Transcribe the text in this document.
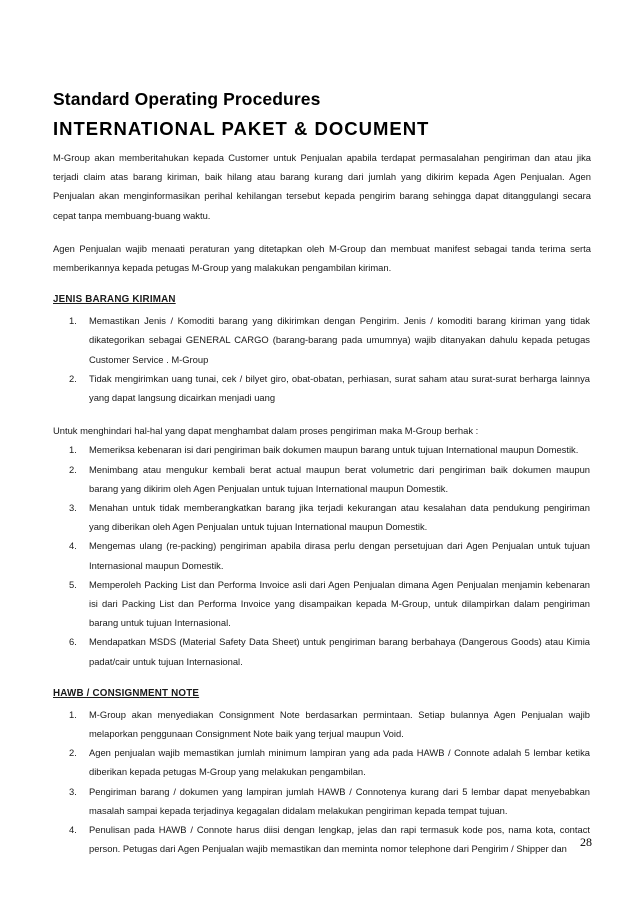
Standard Operating Procedures
INTERNATIONAL PAKET & DOCUMENT

M-Group akan memberitahukan kepada Customer untuk Penjualan apabila terdapat permasalahan pengiriman dan atau jika terjadi claim atas barang kiriman, baik hilang atau barang kurang dari jumlah yang dikirim kepada Agen Penjualan. Agen Penjualan akan menginformasikan perihal kehilangan tersebut kepada pengirim barang sehingga dapat ditanggulangi secara cepat tanpa membuang-buang waktu.

Agen Penjualan wajib menaati peraturan yang ditetapkan oleh M-Group dan membuat manifest sebagai tanda terima serta memberikannya kepada petugas M-Group yang malakukan pengambilan kiriman.

JENIS BARANG KIRIMAN
1. Memastikan Jenis / Komoditi barang yang dikirimkan dengan Pengirim. Jenis / komoditi barang kiriman yang tidak dikategorikan sebagai GENERAL CARGO (barang-barang pada umumnya) wajib ditanyakan dahulu kepada petugas Customer Service . M-Group
2. Tidak mengirimkan uang tunai, cek / bilyet giro, obat-obatan, perhiasan, surat saham atau surat-surat berharga lainnya yang dapat langsung dicairkan menjadi uang

Untuk menghindari hal-hal yang dapat menghambat dalam proses pengiriman maka M-Group berhak :

1. Memeriksa kebenaran isi dari pengiriman baik dokumen maupun barang untuk tujuan International maupun Domestik.
2. Menimbang atau mengukur kembali berat actual maupun berat volumetric dari pengiriman baik dokumen maupun barang yang dikirim oleh Agen Penjualan untuk tujuan International maupun Domestik.
3. Menahan untuk tidak memberangkatkan barang jika terjadi kekurangan atau kesalahan data pendukung pengiriman yang diberikan oleh Agen Penjualan untuk tujuan International maupun Domestik.
4. Mengemas ulang (re-packing) pengiriman apabila dirasa perlu dengan persetujuan dari Agen Penjualan untuk tujuan Internasional maupun Domestik.
5. Memperoleh Packing List dan Performa Invoice asli dari Agen Penjualan dimana Agen Penjualan menjamin kebenaran isi dari Packing List dan Performa Invoice yang disampaikan kepada M-Group, untuk dilampirkan dalam pengiriman barang untuk tujuan Internasional.
6. Mendapatkan MSDS (Material Safety Data Sheet) untuk pengiriman barang berbahaya (Dangerous Goods) atau Kimia padat/cair untuk tujuan Internasional.
HAWB / CONSIGNMENT NOTE
1. M-Group akan menyediakan Consignment Note berdasarkan permintaan. Setiap bulannya Agen Penjualan wajib melaporkan penggunaan Consignment Note baik yang terjual maupun Void.
2. Agen penjualan wajib memastikan jumlah minimum lampiran yang ada pada HAWB / Connote adalah 5 lembar ketika diberikan kepada petugas M-Group yang melakukan pengambilan.
3. Pengiriman barang / dokumen yang lampiran jumlah HAWB / Connotenya kurang dari 5 lembar dapat menyebabkan masalah sampai kepada terjadinya kegagalan didalam melakukan pengiriman kepada tempat tujuan.
4. Penulisan pada HAWB / Connote harus diisi dengan lengkap, jelas dan rapi termasuk kode pos, nama kota, contact person. Petugas dari Agen Penjualan wajib memastikan dan meminta nomor telephone dari Pengirim / Shipper dan	28
